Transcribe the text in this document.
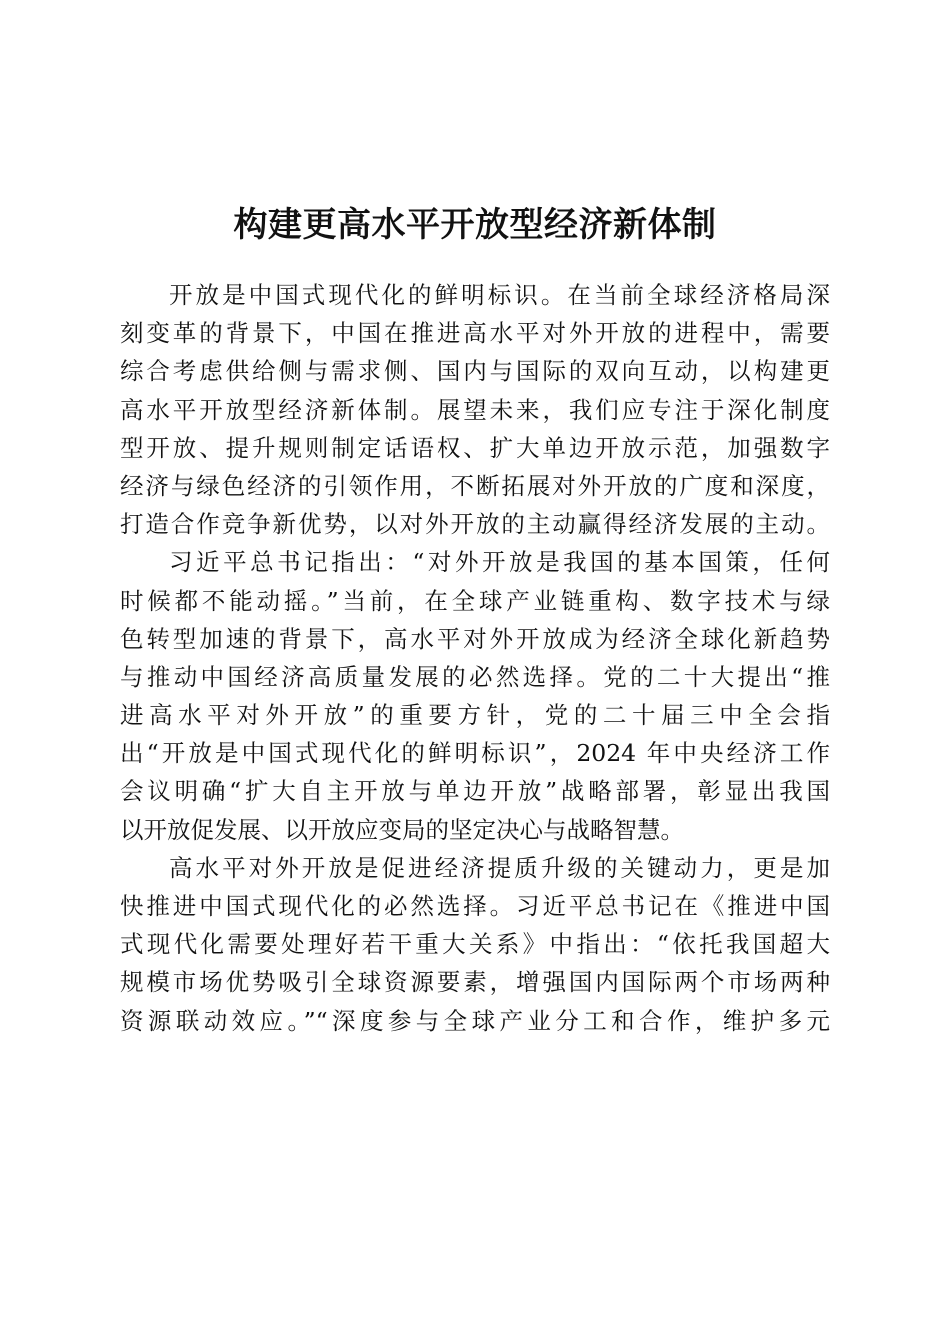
构建更高水平开放型经济新体制
开放是中国式现代化的鲜明标识。在当前全球经济格局深
刻变革的背景下，中国在推进高水平对外开放的进程中，需要
综合考虑供给侧与需求侧、国内与国际的双向互动，以构建更
高水平开放型经济新体制。展望未来，我们应专注于深化制度
型开放、提升规则制定话语权、扩大单边开放示范，加强数字
经济与绿色经济的引领作用，不断拓展对外开放的广度和深度，
打造合作竞争新优势，以对外开放的主动赢得经济发展的主动。
习近平总书记指出：“对外开放是我国的基本国策，任何
时候都不能动摇。”当前，在全球产业链重构、数字技术与绿
色转型加速的背景下，高水平对外开放成为经济全球化新趋势
与推动中国经济高质量发展的必然选择。党的二十大提出“推
进高水平对外开放”的重要方针，党的二十届三中全会指
出“开放是中国式现代化的鲜明标识”，2024 年中央经济工作
会议明确“扩大自主开放与单边开放”战略部署，彰显出我国
以开放促发展、以开放应变局的坚定决心与战略智慧。
高水平对外开放是促进经济提质升级的关键动力，更是加
快推进中国式现代化的必然选择。习近平总书记在《推进中国
式现代化需要处理好若干重大关系》中指出：“依托我国超大
规模市场优势吸引全球资源要素，增强国内国际两个市场两种
资源联动效应。”“深度参与全球产业分工和合作，维护多元
